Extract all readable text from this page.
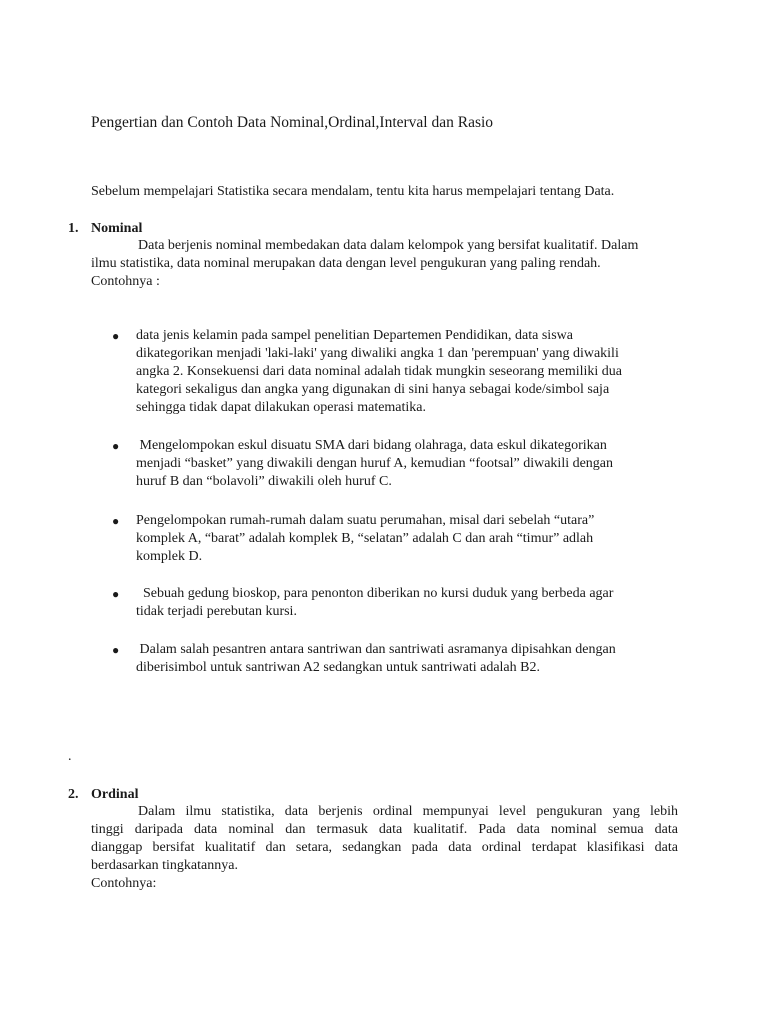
Pengertian dan Contoh Data Nominal,Ordinal,Interval dan Rasio
Sebelum mempelajari Statistika secara mendalam, tentu kita harus mempelajari tentang Data.
1. Nominal
Data berjenis nominal membedakan data dalam kelompok yang bersifat kualitatif. Dalam
ilmu statistika, data nominal merupakan data dengan level pengukuran yang paling rendah.
Contohnya :
●	data jenis kelamin pada sampel penelitian Departemen Pendidikan, data siswa
dikategorikan menjadi 'laki-laki' yang diwaliki angka 1 dan 'perempuan' yang diwakili
angka 2. Konsekuensi dari data nominal adalah tidak mungkin seseorang memiliki dua
kategori sekaligus dan angka yang digunakan di sini hanya sebagai kode/simbol saja
sehingga tidak dapat dilakukan operasi matematika.
●	Mengelompokan eskul disuatu SMA dari bidang olahraga, data eskul dikategorikan
menjadi “basket” yang diwakili dengan huruf A, kemudian “footsal” diwakili dengan
huruf B dan “bolavoli” diwakili oleh huruf C.
●	Pengelompokan rumah-rumah dalam suatu perumahan, misal dari sebelah “utara”
komplek A, “barat” adalah komplek B, “selatan” adalah C dan arah “timur” adlah
komplek D.
●	Sebuah gedung bioskop, para penonton diberikan no kursi duduk yang berbeda agar
tidak terjadi perebutan kursi.
●	Dalam salah pesantren antara santriwan dan santriwati asramanya dipisahkan dengan
diberisimbol untuk santriwan A2 sedangkan untuk santriwati adalah B2.
.
2. Ordinal
Dalam ilmu statistika, data berjenis ordinal mempunyai level pengukuran yang lebih
tinggi daripada data nominal dan termasuk data kualitatif. Pada data nominal semua data
dianggap bersifat kualitatif dan setara, sedangkan pada data ordinal terdapat klasifikasi data
berdasarkan tingkatannya.
Contohnya:
